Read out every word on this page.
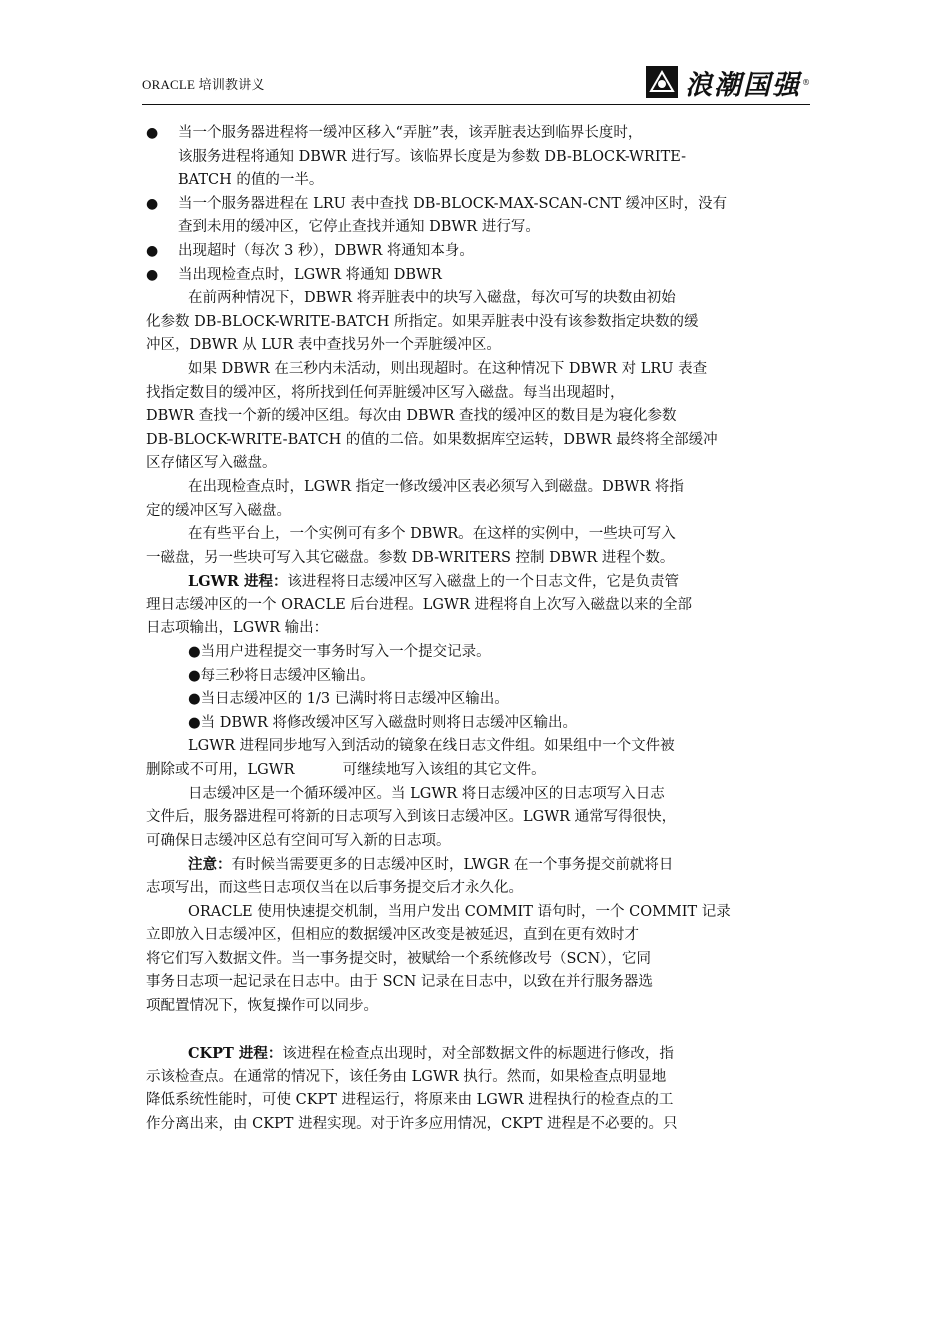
ORACLE 培训教讲义	浪潮国强 ®
● 当一个服务器进程将一缓冲区移入“弄脏”表，该弄脏表达到临界长度时，
该服务进程将通知 DBWR 进行写。该临界长度是为参数 DB-BLOCK-WRITE-
BATCH 的值的一半。
● 当一个服务器进程在 LRU 表中查找 DB-BLOCK-MAX-SCAN-CNT 缓冲区时，没有
查到未用的缓冲区，它停止查找并通知 DBWR 进行写。
● 出现超时（每次 3 秒），DBWR 将通知本身。
● 当出现检查点时，LGWR 将通知 DBWR
在前两种情况下，DBWR 将弄脏表中的块写入磁盘，每次可写的块数由初始
化参数 DB-BLOCK-WRITE-BATCH 所指定。如果弄脏表中没有该参数指定块数的缓
冲区，DBWR 从 LUR 表中查找另外一个弄脏缓冲区。
如果 DBWR 在三秒内未活动，则出现超时。在这种情况下 DBWR 对 LRU 表查
找指定数目的缓冲区，将所找到任何弄脏缓冲区写入磁盘。每当出现超时，
DBWR 查找一个新的缓冲区组。每次由 DBWR 查找的缓冲区的数目是为寝化参数
DB-BLOCK-WRITE-BATCH 的值的二倍。如果数据库空运转，DBWR 最终将全部缓冲
区存储区写入磁盘。
在出现检查点时，LGWR 指定一修改缓冲区表必须写入到磁盘。DBWR 将指
定的缓冲区写入磁盘。
在有些平台上，一个实例可有多个 DBWR。在这样的实例中，一些块可写入
一磁盘，另一些块可写入其它磁盘。参数 DB-WRITERS 控制 DBWR 进程个数。
LGWR 进程：该进程将日志缓冲区写入磁盘上的一个日志文件，它是负责管
理日志缓冲区的一个 ORACLE 后台进程。LGWR 进程将自上次写入磁盘以来的全部
日志项输出，LGWR 输出：
●当用户进程提交一事务时写入一个提交记录。
●每三秒将日志缓冲区输出。
●当日志缓冲区的 1/3 已满时将日志缓冲区输出。
●当 DBWR 将修改缓冲区写入磁盘时则将日志缓冲区输出。
LGWR 进程同步地写入到活动的镜象在线日志文件组。如果组中一个文件被
删除或不可用，LGWR　　　 可继续地写入该组的其它文件。
日志缓冲区是一个循环缓冲区。当 LGWR 将日志缓冲区的日志项写入日志
文件后，服务器进程可将新的日志项写入到该日志缓冲区。LGWR 通常写得很快，
可确保日志缓冲区总有空间可写入新的日志项。
注意：有时候当需要更多的日志缓冲区时，LWGR 在一个事务提交前就将日
志项写出，而这些日志项仅当在以后事务提交后才永久化。
ORACLE 使用快速提交机制，当用户发出 COMMIT 语句时，一个 COMMIT 记录
立即放入日志缓冲区，但相应的数据缓冲区改变是被延迟，直到在更有效时才
将它们写入数据文件。当一事务提交时，被赋给一个系统修改号（SCN），它同
事务日志项一起记录在日志中。由于 SCN 记录在日志中，以致在并行服务器选
项配置情况下，恢复操作可以同步。
CKPT 进程：该进程在检查点出现时，对全部数据文件的标题进行修改，指
示该检查点。在通常的情况下，该任务由 LGWR 执行。然而，如果检查点明显地
降低系统性能时，可使 CKPT 进程运行，将原来由 LGWR 进程执行的检查点的工
作分离出来，由 CKPT 进程实现。对于许多应用情况，CKPT 进程是不必要的。只
